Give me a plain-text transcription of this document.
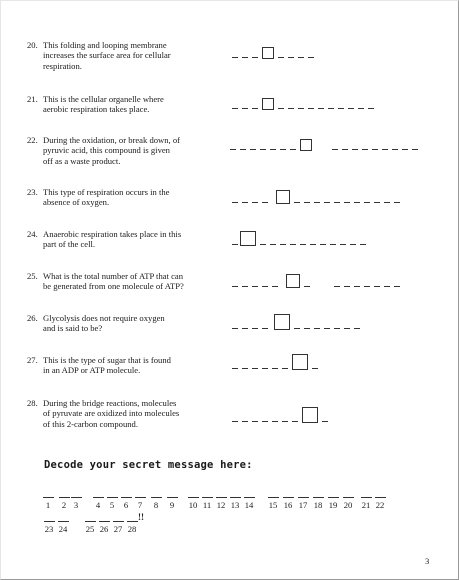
20. This folding and looping membrane
increases the surface area for cellular
respiration.
21. This is the cellular organelle where
aerobic respiration takes place.
22. During the oxidation, or break down, of
pyruvic acid, this compound is given
off as a waste product.
23. This type of respiration occurs in the
absence of oxygen.
24. Anaerobic respiration takes place in this
part of the cell.
25. What is the total number of ATP that can
be generated from one molecule of ATP?
26. Glycolysis does not require oxygen
and is said to be?
27. This is the type of sugar that is found
in an ADP or ATP molecule.
28. During the bridge reactions, molecules
of pyruvate are oxidized into molecules
of this 2-carbon compound.
Decode your secret message here:
1	2 3	4	5	6	7	8	9	10 11 12 13 14 15 16 17 18 19 20 21 22
23 24 25 26 27 28
!!
3
